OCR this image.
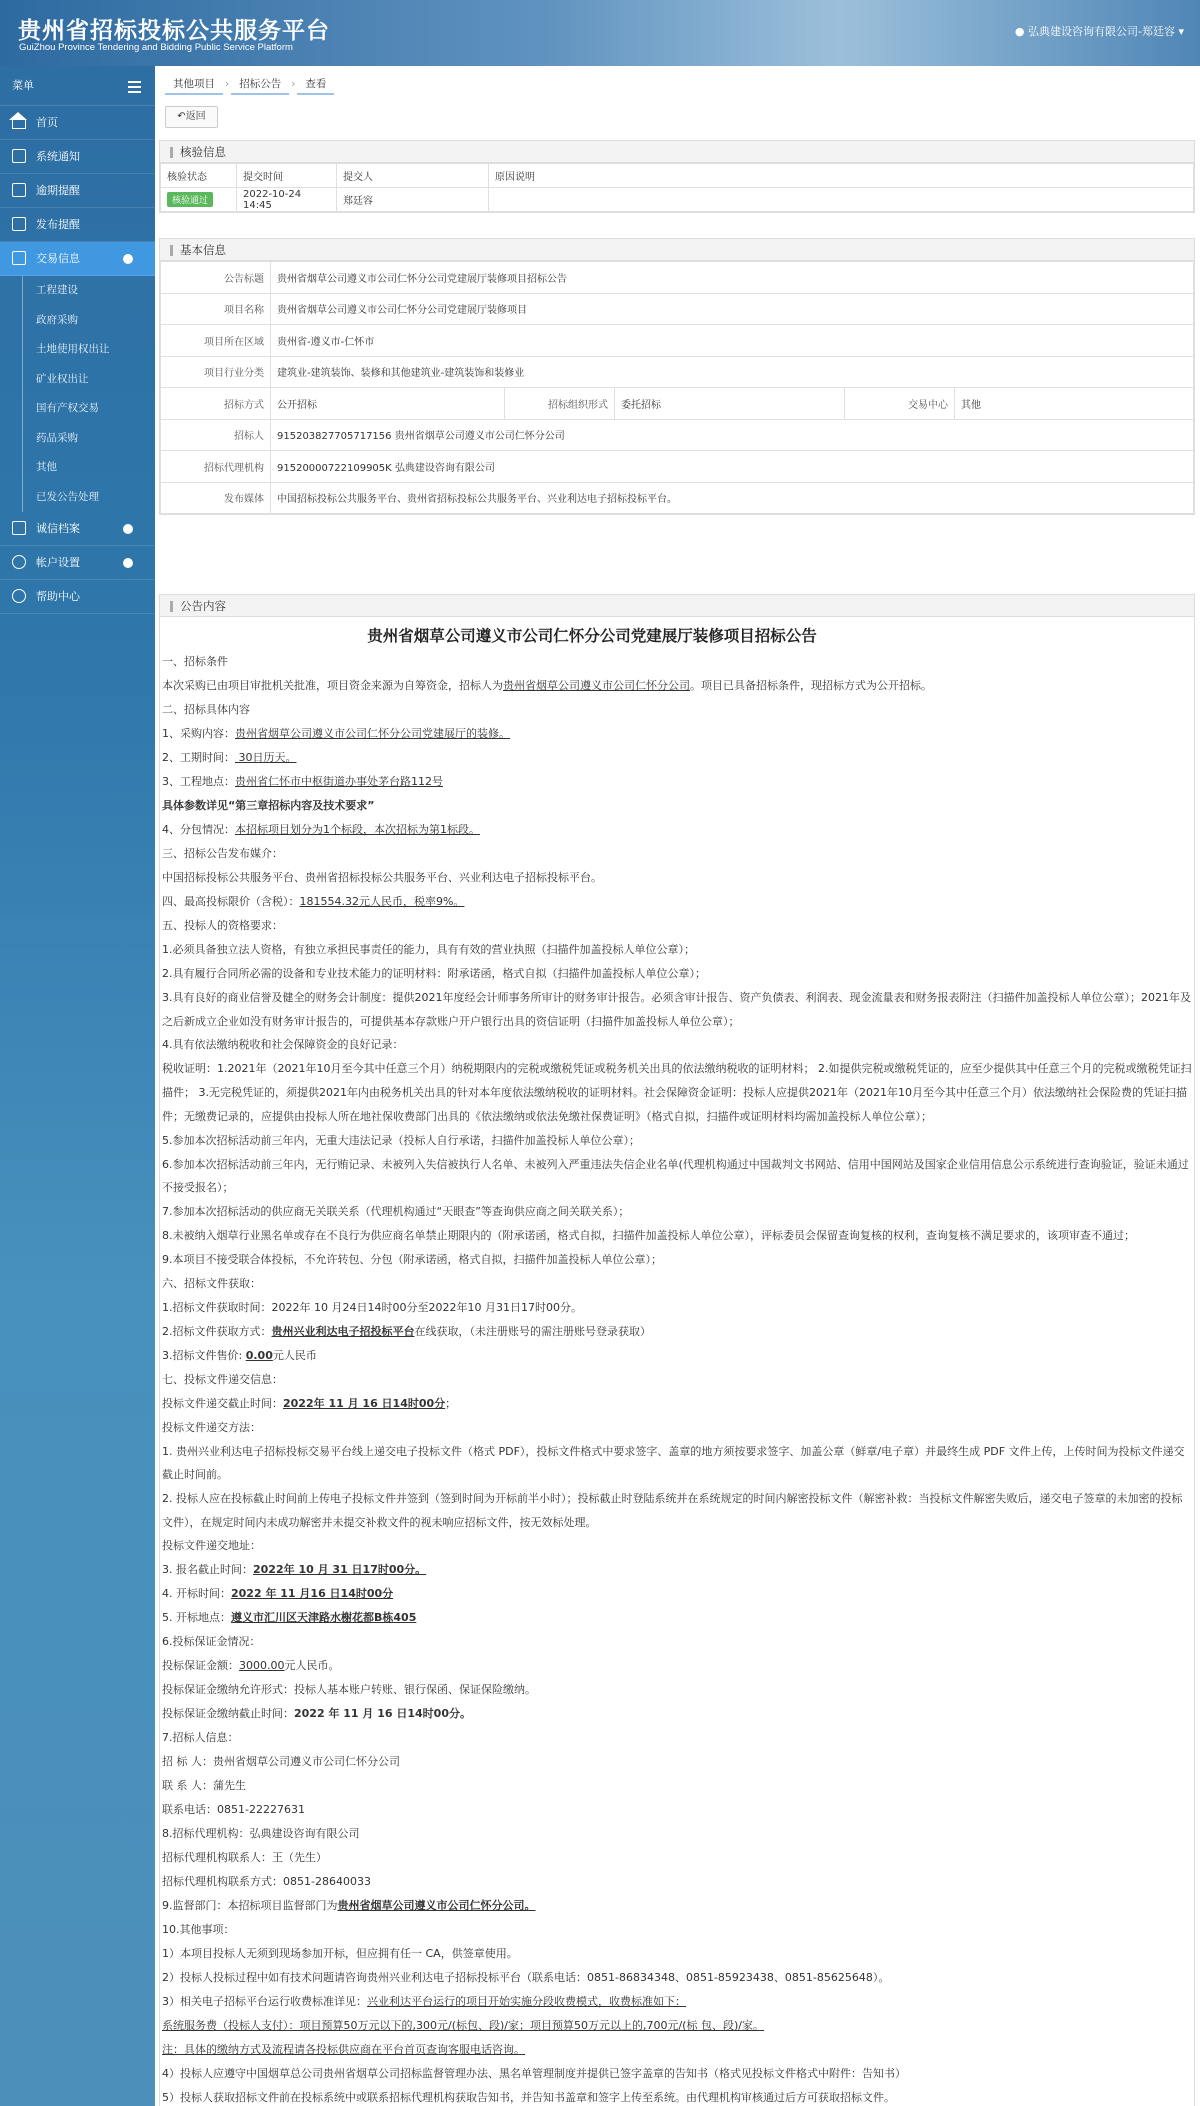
贵州省招标投标公共服务平台
GuiZhou Province Tendering and Bidding Public Service Platform
● 弘典建设咨询有限公司-郑廷容 ▾
菜单
首页
系统通知
逾期提醒
发布提醒
交易信息
工程建设
政府采购
土地使用权出让
矿业权出让
国有产权交易
药品采购
其他
已发公告处理
诚信档案
帐户设置
帮助中心
其他项目 › 招标公告 › 查看
↶返回
核验信息
核验状态	提交时间	提交人	原因说明
核验通过	2022-10-24 14:45	郑廷容	
基本信息
公告标题	贵州省烟草公司遵义市公司仁怀分公司党建展厅装修项目招标公告				
项目名称	贵州省烟草公司遵义市公司仁怀分公司党建展厅装修项目				
项目所在区域	贵州省-遵义市-仁怀市				
项目行业分类	建筑业-建筑装饰、装修和其他建筑业-建筑装饰和装修业				
招标方式	公开招标	招标组织形式	委托招标	交易中心	其他
招标人	915203827705717156 贵州省烟草公司遵义市公司仁怀分公司				
招标代理机构	91520000722109905K 弘典建设咨询有限公司				
发布媒体	中国招标投标公共服务平台、贵州省招标投标公共服务平台、兴业利达电子招标投标平台。				
公告内容
贵州省烟草公司遵义市公司仁怀分公司党建展厅装修项目招标公告

一、招标条件

本次采购已由项目审批机关批准，项目资金来源为自筹资金，招标人为贵州省烟草公司遵义市公司仁怀分公司。项目已具备招标条件，现招标方式为公开招标。

二、招标具体内容

1、采购内容：贵州省烟草公司遵义市公司仁怀分公司党建展厅的装修。

2、工期时间： 30日历天。

3、工程地点：贵州省仁怀市中枢街道办事处茅台路112号

具体参数详见“第三章招标内容及技术要求”

4、分包情况：本招标项目划分为1个标段，本次招标为第1标段。

三、招标公告发布媒介：

中国招标投标公共服务平台、贵州省招标投标公共服务平台、兴业利达电子招标投标平台。

四、最高投标限价（含税）：181554.32元人民币，税率9%。

五、投标人的资格要求：

1.必须具备独立法人资格，有独立承担民事责任的能力，具有有效的营业执照（扫描件加盖投标人单位公章）；

2.具有履行合同所必需的设备和专业技术能力的证明材料：附承诺函，格式自拟（扫描件加盖投标人单位公章）；

3.具有良好的商业信誉及健全的财务会计制度：提供2021年度经会计师事务所审计的财务审计报告。必须含审计报告、资产负债表、利润表、现金流量表和财务报表附注（扫描件加盖投标人单位公章）；2021年及之后新成立企业如没有财务审计报告的，可提供基本存款账户开户银行出具的资信证明（扫描件加盖投标人单位公章）；

4.具有依法缴纳税收和社会保障资金的良好记录：

税收证明：1.2021年（2021年10月至今其中任意三个月）纳税期限内的完税或缴税凭证或税务机关出具的依法缴纳税收的证明材料； 2.如提供完税或缴税凭证的，应至少提供其中任意三个月的完税或缴税凭证扫描件； 3.无完税凭证的，须提供2021年内由税务机关出具的针对本年度依法缴纳税收的证明材料。社会保障资金证明：投标人应提供2021年（2021年10月至今其中任意三个月）依法缴纳社会保险费的凭证扫描件；无缴费记录的，应提供由投标人所在地社保收费部门出具的《依法缴纳或依法免缴社保费证明》（格式自拟，扫描件或证明材料均需加盖投标人单位公章）；

5.参加本次招标活动前三年内，无重大违法记录（投标人自行承诺，扫描件加盖投标人单位公章）；

6.参加本次招标活动前三年内，无行贿记录、未被列入失信被执行人名单、未被列入严重违法失信企业名单(代理机构通过中国裁判文书网站、信用中国网站及国家企业信用信息公示系统进行查询验证，验证未通过不接受报名）；

7.参加本次招标活动的供应商无关联关系（代理机构通过“天眼查”等查询供应商之间关联关系）；

8.未被纳入烟草行业黑名单或存在不良行为供应商名单禁止期限内的（附承诺函，格式自拟，扫描件加盖投标人单位公章），评标委员会保留查询复核的权利，查询复核不满足要求的，该项审查不通过；

9.本项目不接受联合体投标，不允许转包、分包（附承诺函，格式自拟，扫描件加盖投标人单位公章）；

六、招标文件获取：

1.招标文件获取时间：2022年 10 月24日14时00分至2022年10 月31日17时00分。

2.招标文件获取方式：贵州兴业利达电子招投标平台在线获取，（未注册账号的需注册账号登录获取）

3.招标文件售价: 0.00元人民币

七、投标文件递交信息：

投标文件递交截止时间：2022年 11 月 16 日14时00分；

投标文件递交方法：

1. 贵州兴业利达电子招标投标交易平台线上递交电子投标文件（格式 PDF），投标文件格式中要求签字、盖章的地方须按要求签字、加盖公章（鲜章/电子章）并最终生成 PDF 文件上传，上传时间为投标文件递交截止时间前。

2. 投标人应在投标截止时间前上传电子投标文件并签到（签到时间为开标前半小时）；投标截止时登陆系统并在系统规定的时间内解密投标文件（解密补救：当投标文件解密失败后，递交电子签章的未加密的投标文件），在规定时间内未成功解密并未提交补救文件的视未响应招标文件，按无效标处理。

投标文件递交地址：

3. 报名截止时间：2022年 10 月 31 日17时00分。

4. 开标时间：2022 年 11 月16 日14时00分

5. 开标地点：遵义市汇川区天津路水榭花都B栋405

6.投标保证金情况：

投标保证金额：3000.00元人民币。

投标保证金缴纳允许形式：投标人基本账户转账、银行保函、保证保险缴纳。

投标保证金缴纳截止时间：2022 年 11 月 16 日14时00分。

7.招标人信息：

招 标 人：贵州省烟草公司遵义市公司仁怀分公司

联 系 人：蒲先生

联系电话：0851-22227631

8.招标代理机构：弘典建设咨询有限公司

招标代理机构联系人：王（先生）

招标代理机构联系方式：0851-28640033

9.监督部门：本招标项目监督部门为贵州省烟草公司遵义市公司仁怀分公司。

10.其他事项：

1）本项目投标人无须到现场参加开标，但应拥有任一 CA，供签章使用。

2）投标人投标过程中如有技术问题请咨询贵州兴业利达电子招标投标平台（联系电话：0851-86834348、0851-85923438、0851-85625648）。

3）相关电子招标平台运行收费标准详见：兴业利达平台运行的项目开始实施分段收费模式，收费标准如下：

系统服务费（投标人支付）：项目预算50万元以下的,300元/(标包、段)/家；项目预算50万元以上的,700元/(标 包、段)/家。

注：具体的缴纳方式及流程请各投标供应商在平台首页查询客服电话咨询。

4）投标人应遵守中国烟草总公司贵州省烟草公司招标监督管理办法、黑名单管理制度并提供已签字盖章的告知书（格式见投标文件格式中附件：告知书）

5）投标人获取招标文件前在投标系统中或联系招标代理机构获取告知书，并告知书盖章和签字上传至系统。由代理机构审核通过后方可获取招标文件。
